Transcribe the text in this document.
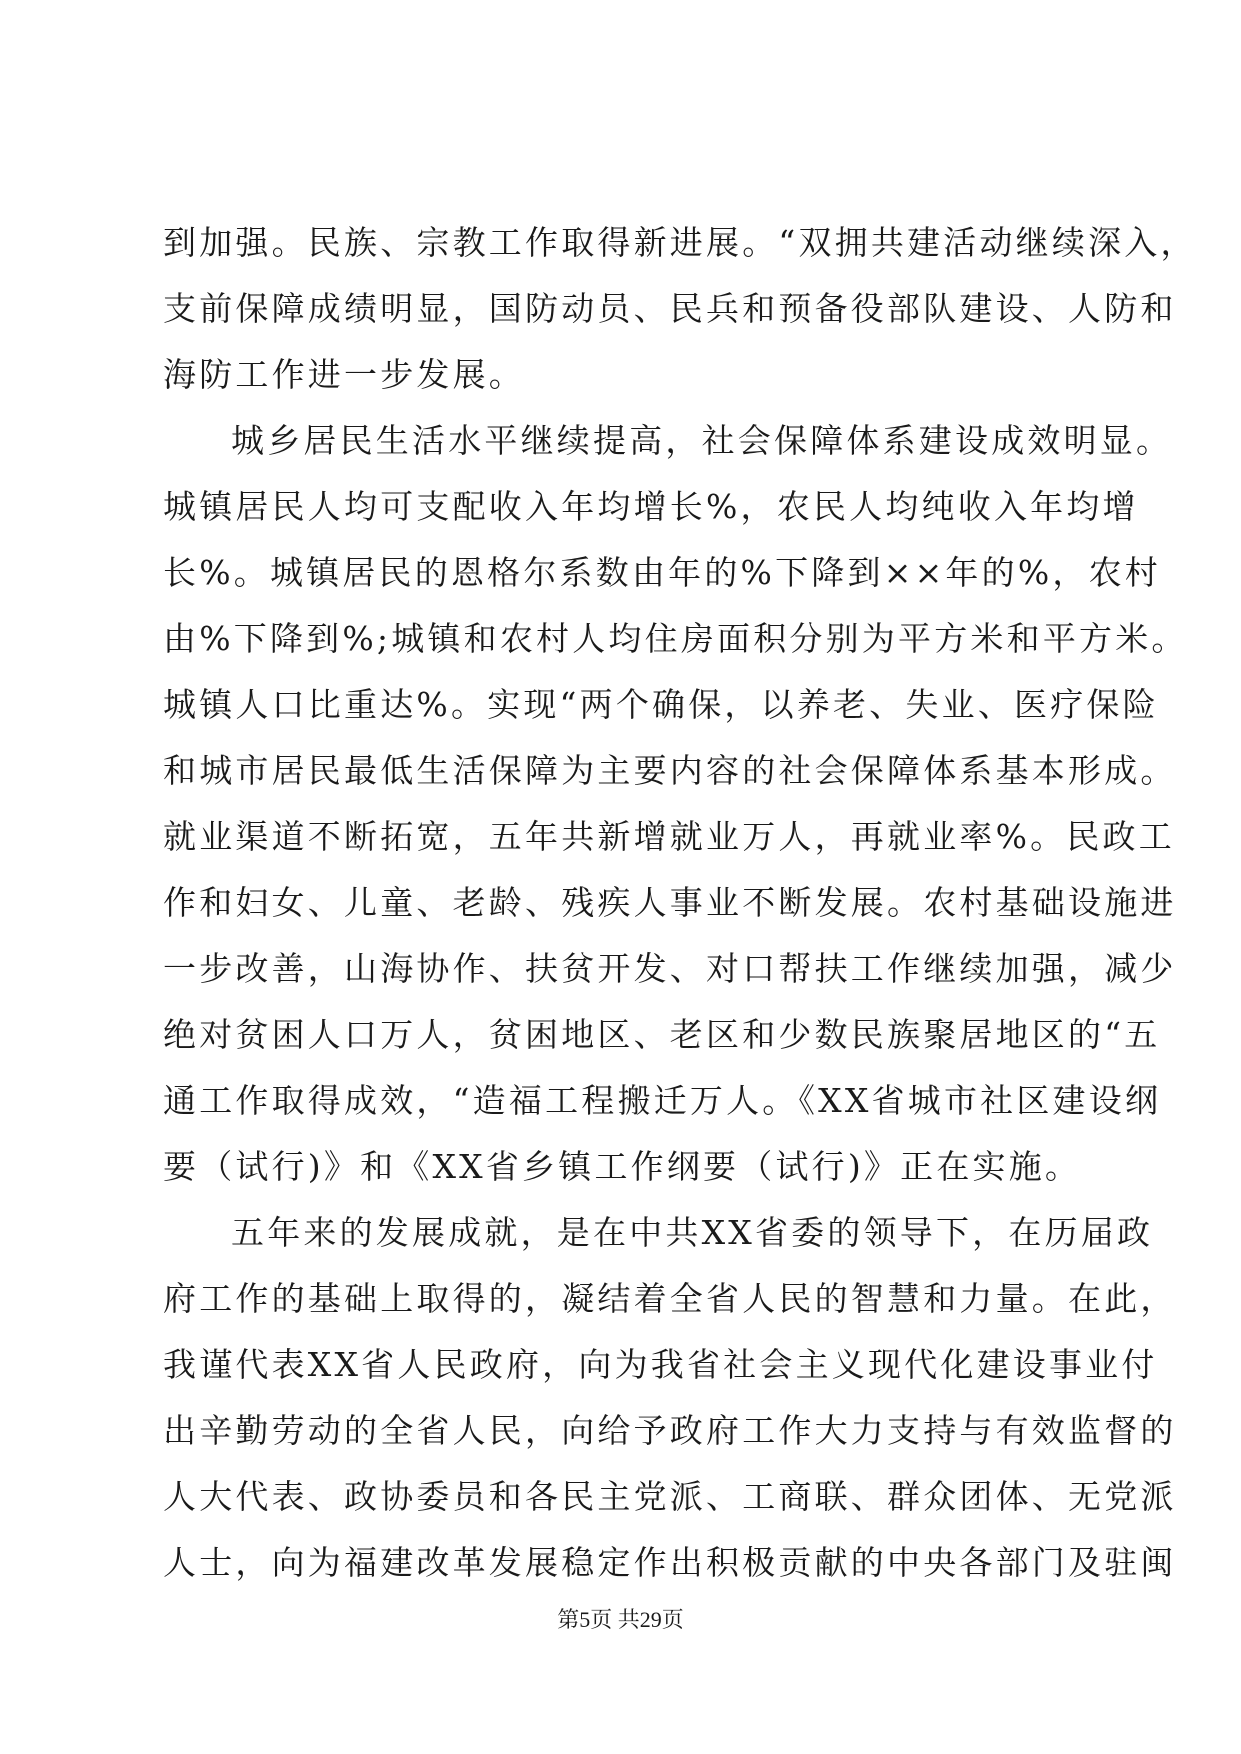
到加强。民族、宗教工作取得新进展。“双拥共建活动继续深入，
支前保障成绩明显，国防动员、民兵和预备役部队建设、人防和
海防工作进一步发展。
城乡居民生活水平继续提高，社会保障体系建设成效明显。
城镇居民人均可支配收入年均增长%，农民人均纯收入年均增
长%。城镇居民的恩格尔系数由年的%下降到××年的%，农村
由%下降到%;城镇和农村人均住房面积分别为平方米和平方米。
城镇人口比重达%。实现“两个确保，以养老、失业、医疗保险
和城市居民最低生活保障为主要内容的社会保障体系基本形成。
就业渠道不断拓宽，五年共新增就业万人，再就业率%。民政工
作和妇女、儿童、老龄、残疾人事业不断发展。农村基础设施进
一步改善，山海协作、扶贫开发、对口帮扶工作继续加强，减少
绝对贫困人口万人，贫困地区、老区和少数民族聚居地区的“五
通工作取得成效，“造福工程搬迁万人。《XX省城市社区建设纲
要（试行)》和《XX省乡镇工作纲要（试行)》正在实施。
五年来的发展成就，是在中共XX省委的领导下，在历届政
府工作的基础上取得的，凝结着全省人民的智慧和力量。在此，
我谨代表XX省人民政府，向为我省社会主义现代化建设事业付
出辛勤劳动的全省人民，向给予政府工作大力支持与有效监督的
人大代表、政协委员和各民主党派、工商联、群众团体、无党派
人士，向为福建改革发展稳定作出积极贡献的中央各部门及驻闽
第5页 共29页
